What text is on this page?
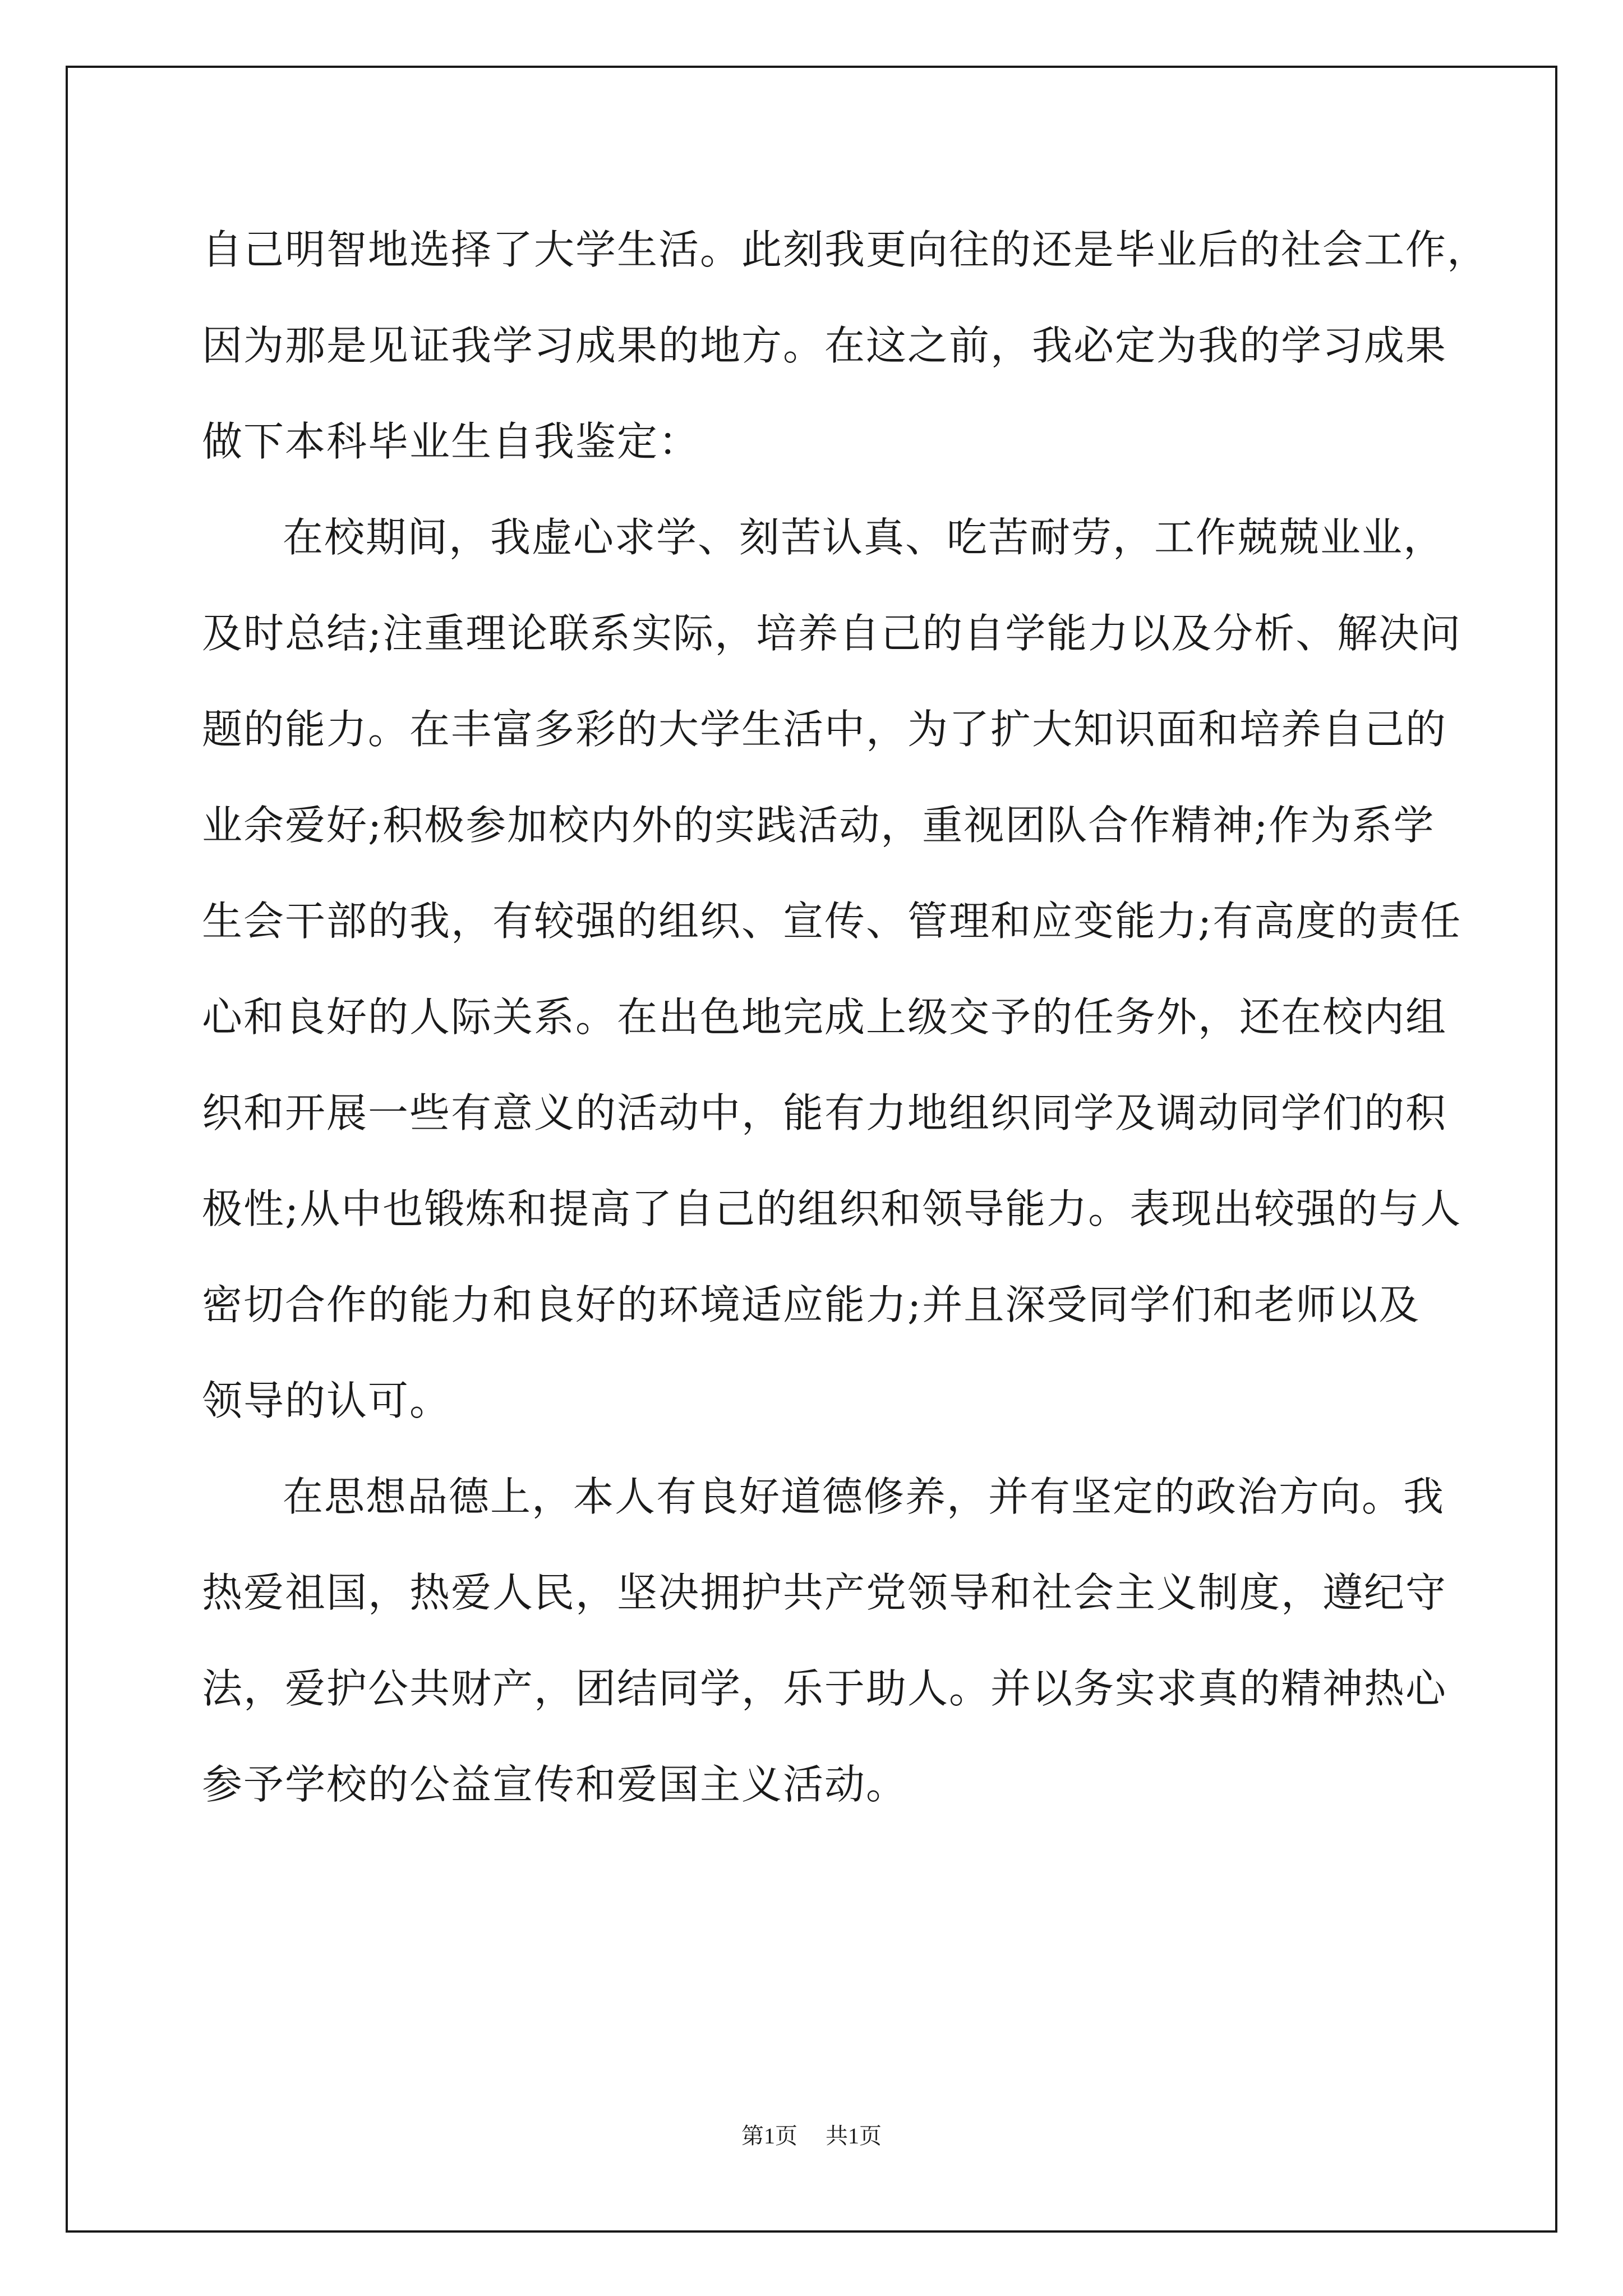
自己明智地选择了大学生活。此刻我更向往的还是毕业后的社会工作，
因为那是见证我学习成果的地方。在这之前，我必定为我的学习成果
做下本科毕业生自我鉴定：

在校期间，我虚心求学、刻苦认真、吃苦耐劳，工作兢兢业业，
及时总结;注重理论联系实际，培养自己的自学能力以及分析、解决问
题的能力。在丰富多彩的大学生活中，为了扩大知识面和培养自己的
业余爱好;积极参加校内外的实践活动，重视团队合作精神;作为系学
生会干部的我，有较强的组织、宣传、管理和应变能力;有高度的责任
心和良好的人际关系。在出色地完成上级交予的任务外，还在校内组
织和开展一些有意义的活动中，能有力地组织同学及调动同学们的积
极性;从中也锻炼和提高了自己的组织和领导能力。表现出较强的与人
密切合作的能力和良好的环境适应能力;并且深受同学们和老师以及
领导的认可。

在思想品德上，本人有良好道德修养，并有坚定的政治方向。我
热爱祖国，热爱人民，坚决拥护共产党领导和社会主义制度，遵纪守
法，爱护公共财产，团结同学，乐于助人。并以务实求真的精神热心
参予学校的公益宣传和爱国主义活动。

第1页 共1页
